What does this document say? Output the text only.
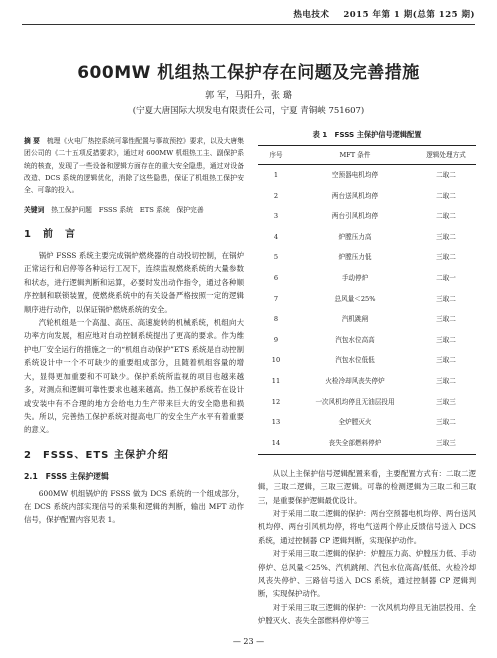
热电技术 2015 年第 1 期(总第 125 期)
600MW 机组热工保护存在问题及完善措施
郭 军，马阳升，张 璐
(宁夏大唐国际大坝发电有限责任公司，宁夏 青铜峡 751607)

摘 要　 梳理《火电厂热控系统可靠性配置与事故预控》要求，以及大唐集团公司的《二十五项反措要求》，通过对 600MW 机组热工主、副保护系统的核查，发现了一些设备和逻辑方面存在的重大安全隐患，通过对设备改造、DCS 系统的逻辑优化，消除了这些隐患，保证了机组热工保护安全、可靠的投入。

关键词　 热工保护问题　FSSS 系统　ETS 系统　保护完善

1　前　言

锅炉 FSSS 系统主要完成锅炉燃烧器的自动投切控制，在锅炉正常运行和启停等各种运行工况下，连续监视燃烧系统的大量参数和状态，进行逻辑判断和运算，必要时发出动作指令，通过各种顺序控制和联锁装置，使燃烧系统中的有关设备严格按照一定的逻辑顺序进行动作，以保证锅炉燃烧系统的安全。

汽轮机组是一个高温、高压、高速旋转的机械系统，机组向大功率方向发展，相应地对自动控制系统提出了更高的要求。作为维护电厂安全运行的措施之一的“机组自动保护”ETS 系统是自动控制系统设计中一个不可缺少的重要组成部分，且随着机组容量的增大，显得更加重要和不可缺少。保护系统所监视的项目也越来越多，对测点和逻辑可靠性要求也越来越高。热工保护系统若在设计或安装中有不合理的地方会给电力生产带来巨大的安全隐患和损失。所以，完善热工保护系统对提高电厂的安全生产水平有着重要的意义。

2　FSSS、ETS 主保护介绍
2.1　FSSS 主保护逻辑

600MW 机组锅炉的 FSSS 做为 DCS 系统的一个组成部分，在 DCS 系统内部实现信号的采集和逻辑的判断，输出 MFT 动作信号，保护配置内容见表 1。

表 1　FSSS 主保护信号逻辑配置
序号	MFT 条件	逻辑处理方式
1	空预器电机均停	二取二
2	两台送风机均停	二取二
3	两台引风机均停	二取二
4	炉膛压力高	三取二
5	炉膛压力低	三取二
6	手动停炉	二取一
7	总风量＜25%	三取二
8	汽机跳闸	三取二
9	汽包水位高高	三取二
10	汽包水位低低	三取二
11	火检冷却风丧失停炉	三取二
12	一次风机均停且无油层投用	三取三
13	全炉膛灭火	三取二
14	丧失全部燃料停炉	三取三

从以上主保护信号逻辑配置来看，主要配置方式有：二取二逻辑，三取二逻辑，三取三逻辑。可靠的检测逻辑为三取二和三取三，是重要保护逻辑最优设计。

对于采用二取二逻辑的保护：两台空预器电机均停、两台送风机均停、两台引风机均停，将电气送两个停止反馈信号送入 DCS 系统，通过控制器 CP 逻辑判断，实现保护动作。

对于采用三取二逻辑的保护：炉膛压力高、炉膛压力低、手动停炉、总风量＜25%、汽机跳闸、汽包水位高高/低低、火检冷却风丧失停炉、三路信号送入 DCS 系统，通过控制器 CP 逻辑判断，实现保护动作。

对于采用三取三逻辑的保护：一次风机均停且无油层投用、全炉膛灭火、丧失全部燃料停炉等三

— 23 —
